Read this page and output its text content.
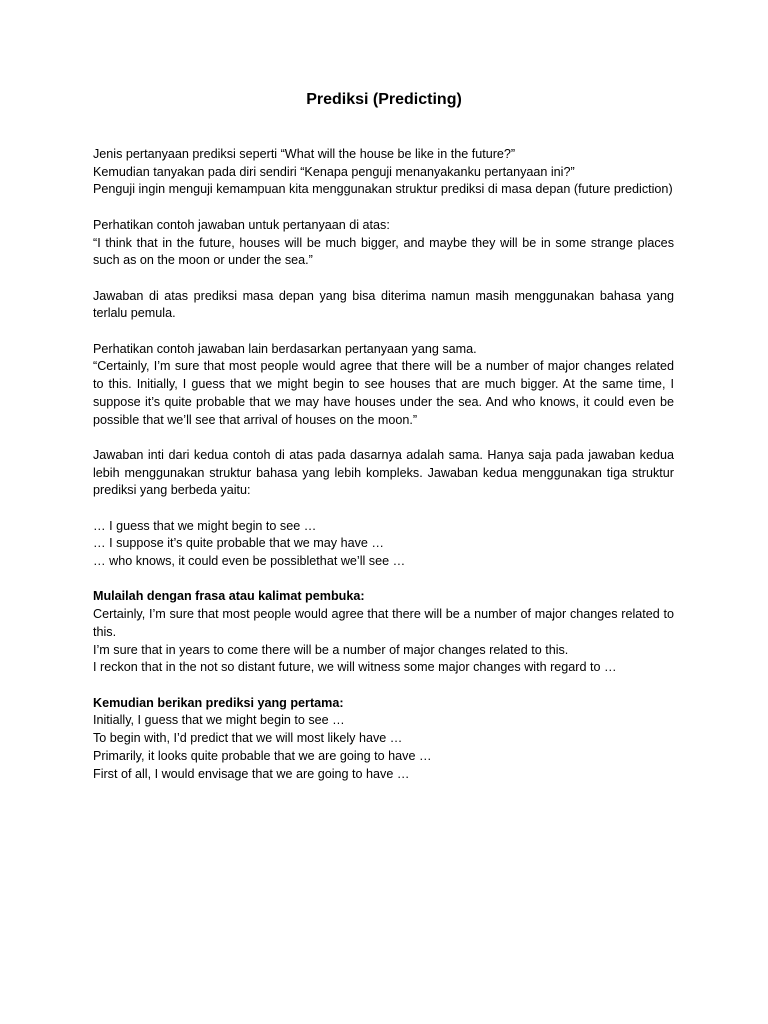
Prediksi (Predicting)

Jenis pertanyaan prediksi seperti “What will the house be like in the future?”

Kemudian tanyakan pada diri sendiri “Kenapa penguji menanyakanku pertanyaan ini?”

Penguji ingin menguji kemampuan kita menggunakan struktur prediksi di masa depan (future prediction)

Perhatikan contoh jawaban untuk pertanyaan di atas:

“I think that in the future, houses will be much bigger, and maybe they will be in some strange places such as on the moon or under the sea.”

Jawaban di atas prediksi masa depan yang bisa diterima namun masih menggunakan bahasa yang terlalu pemula.

Perhatikan contoh jawaban lain berdasarkan pertanyaan yang sama.

“Certainly, I’m sure that most people would agree that there will be a number of major changes related to this. Initially, I guess that we might begin to see houses that are much bigger. At the same time, I suppose it’s quite probable that we may have houses under the sea. And who knows, it could even be possible that we’ll see that arrival of houses on the moon.”

Jawaban inti dari kedua contoh di atas pada dasarnya adalah sama. Hanya saja pada jawaban kedua lebih menggunakan struktur bahasa yang lebih kompleks. Jawaban kedua menggunakan tiga struktur prediksi yang berbeda yaitu:

… I guess that we might begin to see …

… I suppose it’s quite probable that we may have …

… who knows, it could even be possiblethat we’ll see …

Mulailah dengan frasa atau kalimat pembuka:

Certainly, I’m sure that most people would agree that there will be a number of major changes related to this.

I’m sure that in years to come there will be a number of major changes related to this.

I reckon that in the not so distant future, we will witness some major changes with regard to …

Kemudian berikan prediksi yang pertama:

Initially, I guess that we might begin to see …

To begin with, I’d predict that we will most likely have …

Primarily, it looks quite probable that we are going to have …

First of all, I would envisage that we are going to have …
